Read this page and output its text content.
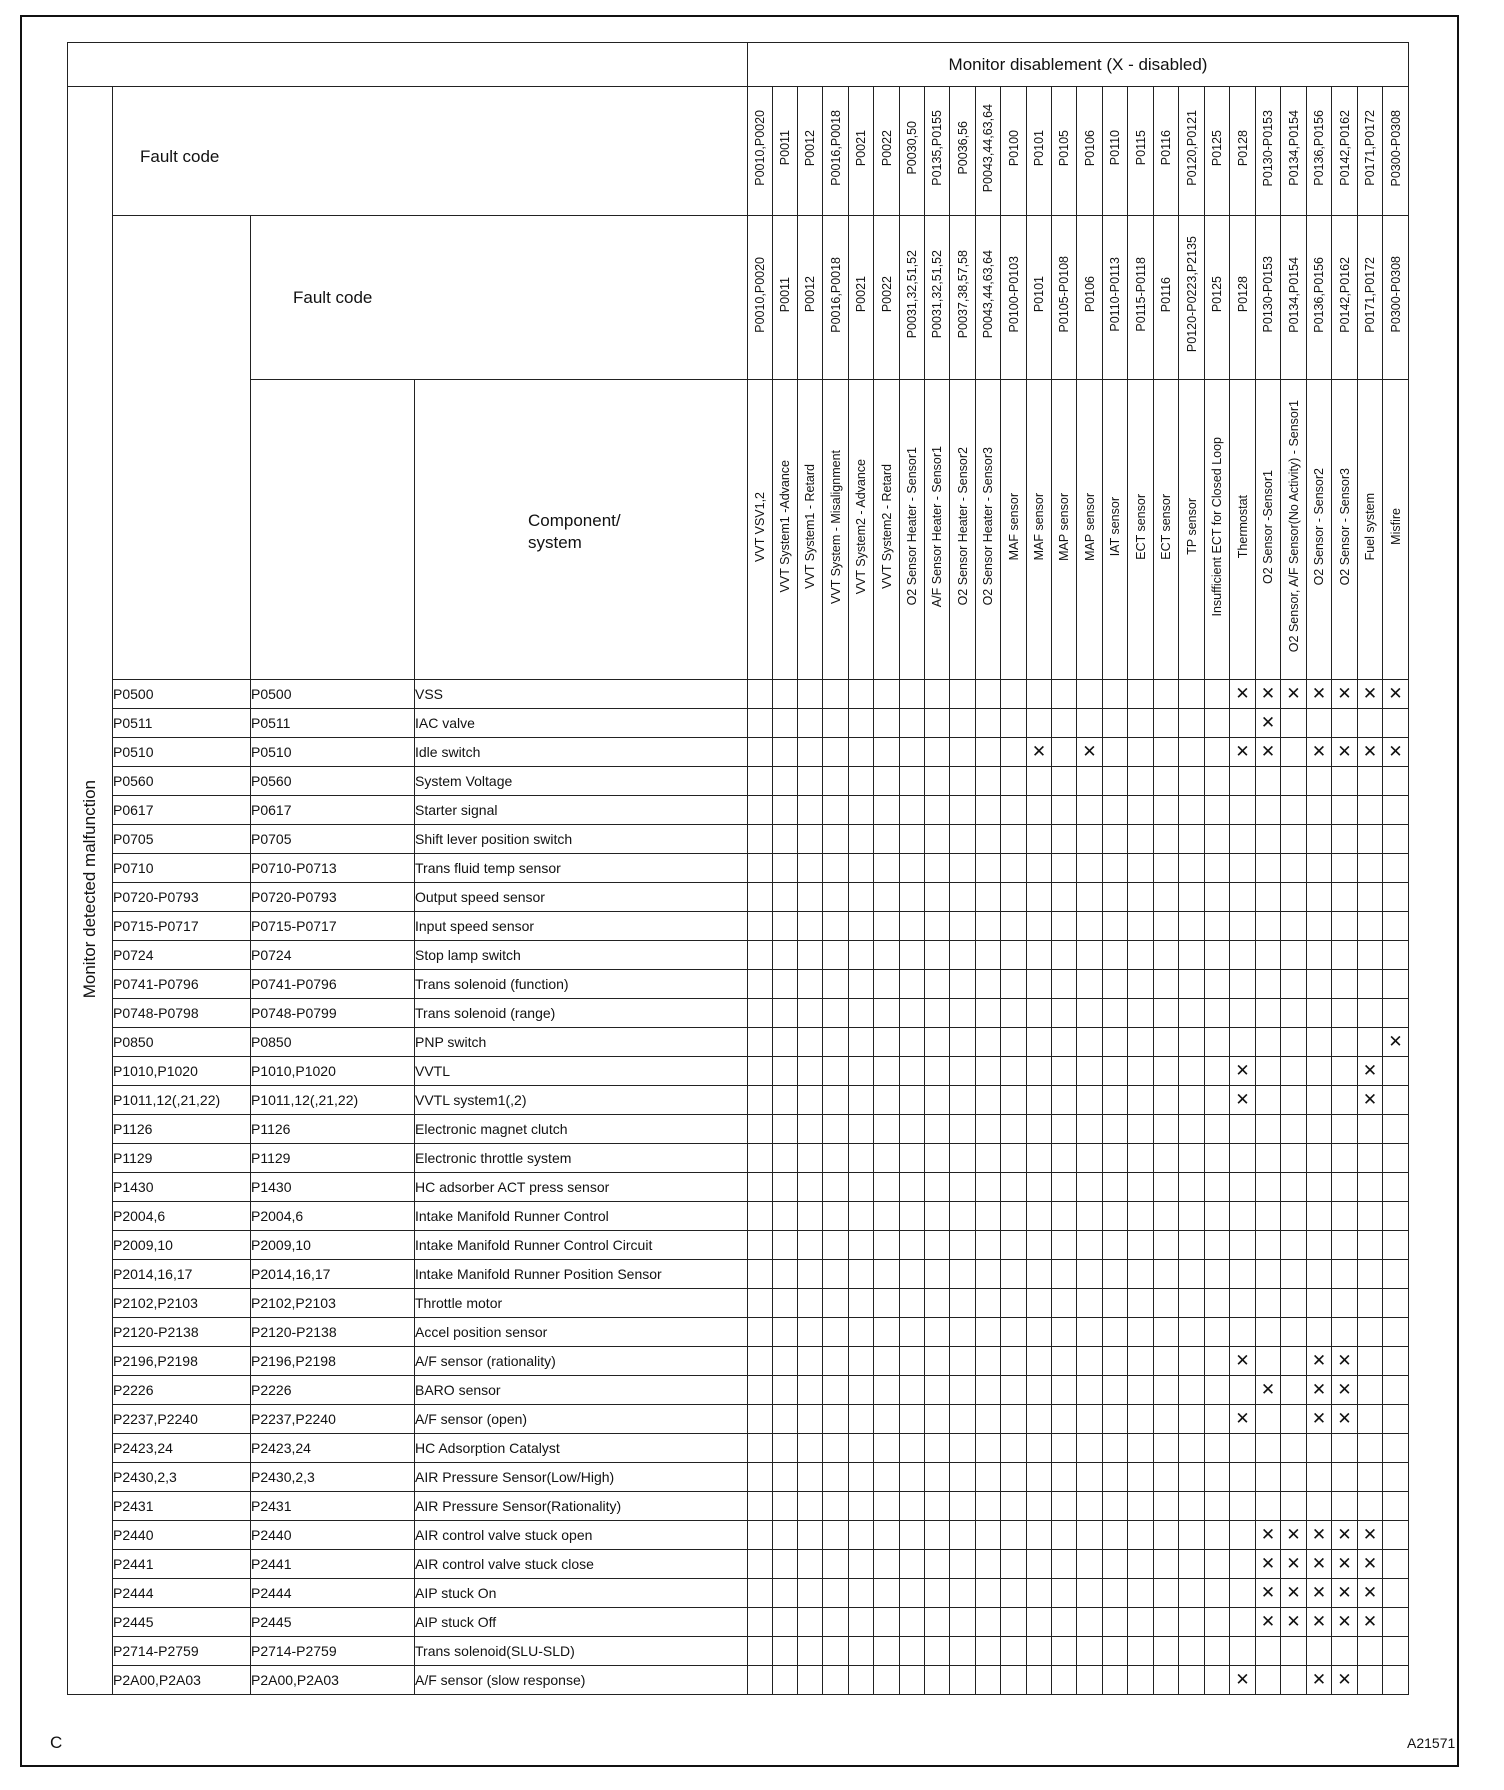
				Monitor disablement (X - disabled)																									
Monitor detected malfunction	Fault code			P0010,P0020	P0011	P0012	P0016,P0018	P0021	P0022	P0030,50	P0135,P0155	P0036,56	P0043,44,63,64	P0100	P0101	P0105	P0106	P0110	P0115	P0116	P0120,P0121	P0125	P0128	P0130-P0153	P0134,P0154	P0136,P0156	P0142,P0162	P0171,P0172	P0300-P0308

		Fault code		P0010,P0020	P0011	P0012	P0016,P0018	P0021	P0022	P0031,32,51,52	P0031,32,51,52	P0037,38,57,58	P0043,44,63,64	P0100-P0103	P0101	P0105-P0108	P0106	P0110-P0113	P0115-P0118	P0116	P0120-P0223,P2135	P0125	P0128	P0130-P0153	P0134,P0154	P0136,P0156	P0142,P0162	P0171,P0172	P0300-P0308

			Component/
system	VVT VSV1,2	VVT System1 -Advance	VVT System1 - Retard	VVT System - Misalignment	VVT System2 - Advance	VVT System2 - Retard	O2 Sensor Heater - Sensor1	A/F Sensor Heater - Sensor1	O2 Sensor Heater - Sensor2	O2 Sensor Heater - Sensor3	MAF sensor	MAF sensor	MAP sensor	MAP sensor	IAT sensor	ECT sensor	ECT sensor	TP sensor	Insufficient ECT for Closed Loop	Thermostat	O2 Sensor -Sensor1	O2 Sensor, A/F Sensor(No Activity) - Sensor1	O2 Sensor - Sensor2	O2 Sensor - Sensor3	Fuel system	Misfire

	P0500	P0500	VSS																				✕	✕	✕	✕	✕	✕	✕
	P0511	P0511	IAC valve																					✕					
	P0510	P0510	Idle switch												✕		✕						✕	✕		✕	✕	✕	✕
	P0560	P0560	System Voltage																										
	P0617	P0617	Starter signal																										
	P0705	P0705	Shift lever position switch																										
	P0710	P0710-P0713	Trans fluid temp sensor																										
	P0720-P0793	P0720-P0793	Output speed sensor																										
	P0715-P0717	P0715-P0717	Input speed sensor																										
	P0724	P0724	Stop lamp switch																										
	P0741-P0796	P0741-P0796	Trans solenoid (function)																										
	P0748-P0798	P0748-P0799	Trans solenoid (range)																										
	P0850	P0850	PNP switch																										✕
	P1010,P1020	P1010,P1020	VVTL																				✕					✕	
	P1011,12(,21,22)	P1011,12(,21,22)	VVTL system1(,2)																				✕					✕	
	P1126	P1126	Electronic magnet clutch																										
	P1129	P1129	Electronic throttle system																										
	P1430	P1430	HC adsorber ACT press sensor																										
	P2004,6	P2004,6	Intake Manifold Runner Control																										
	P2009,10	P2009,10	Intake Manifold Runner Control Circuit																										
	P2014,16,17	P2014,16,17	Intake Manifold Runner Position Sensor																										
	P2102,P2103	P2102,P2103	Throttle motor																										
	P2120-P2138	P2120-P2138	Accel position sensor																										
	P2196,P2198	P2196,P2198	A/F sensor (rationality)																				✕			✕	✕		
	P2226	P2226	BARO sensor																					✕		✕	✕		
	P2237,P2240	P2237,P2240	A/F sensor (open)																				✕			✕	✕		
	P2423,24	P2423,24	HC Adsorption Catalyst																										
	P2430,2,3	P2430,2,3	AIR Pressure Sensor(Low/High)																										
	P2431	P2431	AIR Pressure Sensor(Rationality)																										
	P2440	P2440	AIR control valve stuck open																					✕	✕	✕	✕	✕	
	P2441	P2441	AIR control valve stuck close																					✕	✕	✕	✕	✕	
	P2444	P2444	AIP stuck On																					✕	✕	✕	✕	✕	
	P2445	P2445	AIP stuck Off																					✕	✕	✕	✕	✕	
	P2714-P2759	P2714-P2759	Trans solenoid(SLU-SLD)																										
	P2A00,P2A03	P2A00,P2A03	A/F sensor (slow response)																				✕			✕	✕		
C	A21571
